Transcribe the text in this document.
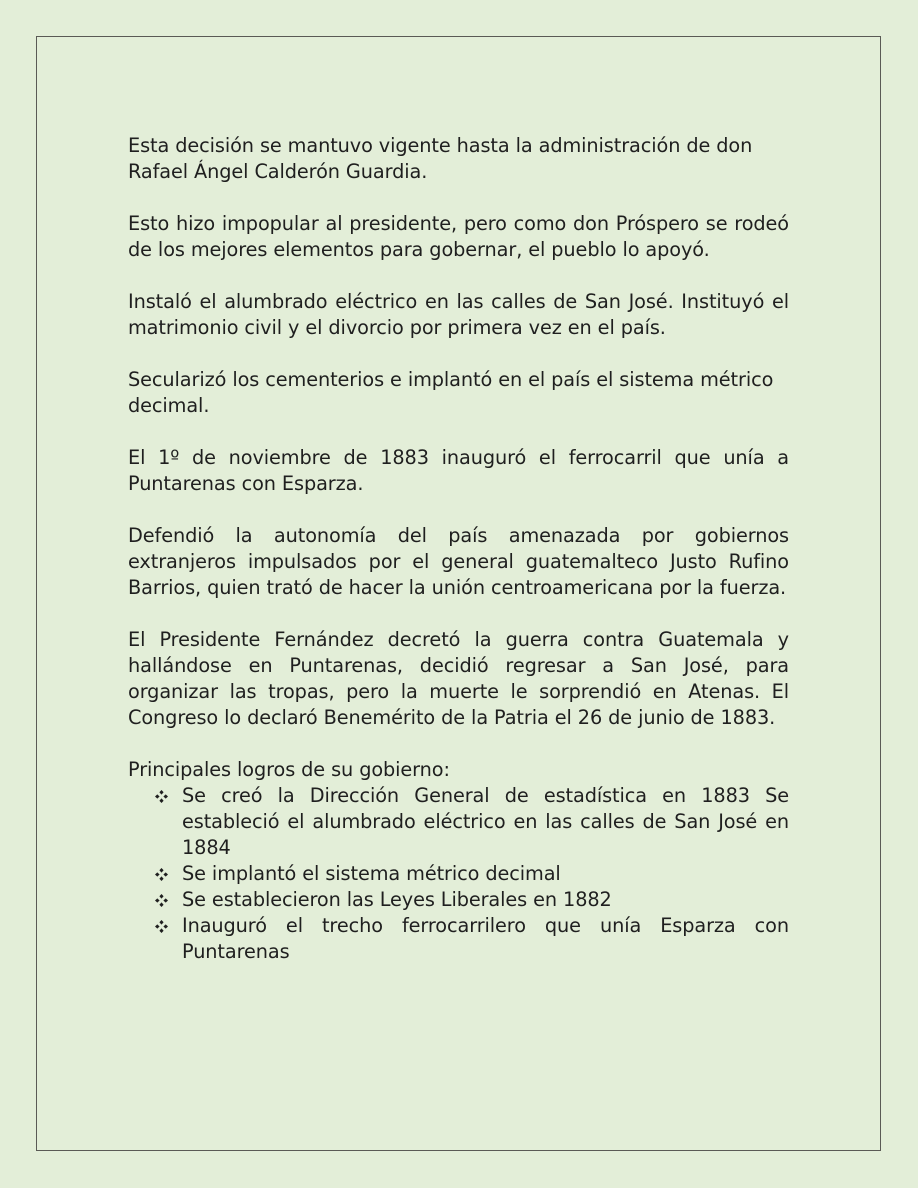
Esta decisión se mantuvo vigente hasta la administración de don Rafael Ángel Calderón Guardia.

Esto hizo impopular al presidente, pero como don Próspero se rodeó de los mejores elementos para gobernar, el pueblo lo apoyó.

Instaló el alumbrado eléctrico en las calles de San José. Instituyó el matrimonio civil y el divorcio por primera vez en el país.

Secularizó los cementerios e implantó en el país el sistema métrico decimal.

El 1º de noviembre de 1883 inauguró el ferrocarril que unía a Puntarenas con Esparza.

Defendió la autonomía del país amenazada por gobiernos extranjeros impulsados por el general guatemalteco Justo Rufino Barrios, quien trató de hacer la unión centroamericana por la fuerza.

El Presidente Fernández decretó la guerra contra Guatemala y hallándose en Puntarenas, decidió regresar a San José, para organizar las tropas, pero la muerte le sorprendió en Atenas. El Congreso lo declaró Benemérito de la Patria el 26 de junio de 1883.

Principales logros de su gobierno:

Se creó la Dirección General de estadística en 1883 Se estableció el alumbrado eléctrico en las calles de San José en 1884
Se implantó el sistema métrico decimal
Se establecieron las Leyes Liberales en 1882
Inauguró el trecho ferrocarrilero que unía Esparza con Puntarenas
